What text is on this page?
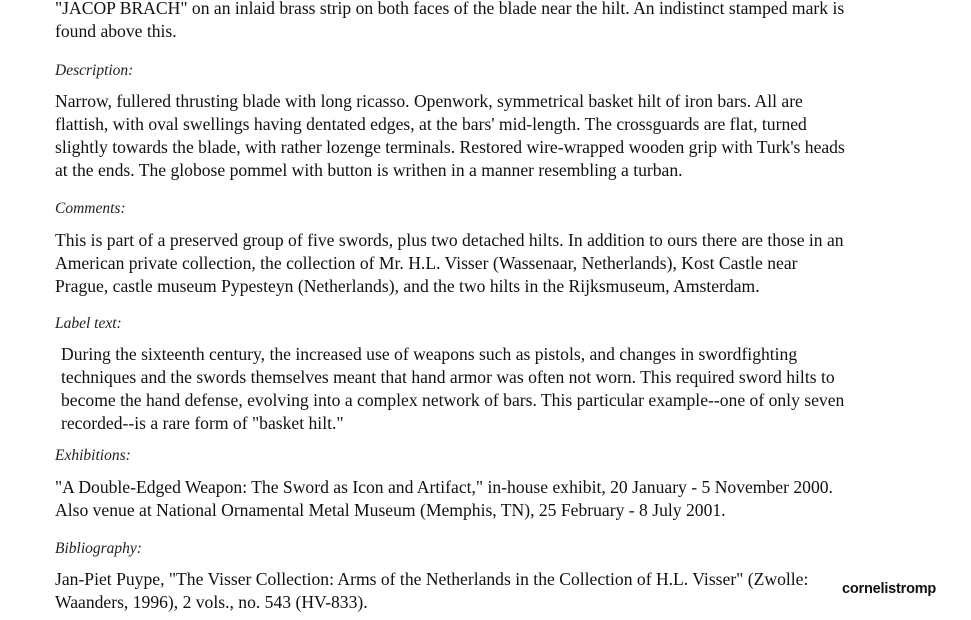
"JACOP BRACH" on an inlaid brass strip on both faces of the blade near the hilt. An indistinct stamped mark is
found above this.

Description:

Narrow, fullered thrusting blade with long ricasso. Openwork, symmetrical basket hilt of iron bars. All are
flattish, with oval swellings having dentated edges, at the bars' mid-length. The crossguards are flat, turned
slightly towards the blade, with rather lozenge terminals. Restored wire-wrapped wooden grip with Turk's heads
at the ends. The globose pommel with button is writhen in a manner resembling a turban.

Comments:

This is part of a preserved group of five swords, plus two detached hilts. In addition to ours there are those in an
American private collection, the collection of Mr. H.L. Visser (Wassenaar, Netherlands), Kost Castle near
Prague, castle museum Pypesteyn (Netherlands), and the two hilts in the Rijksmuseum, Amsterdam.

Label text:

During the sixteenth century, the increased use of weapons such as pistols, and changes in swordfighting
techniques and the swords themselves meant that hand armor was often not worn. This required sword hilts to
become the hand defense, evolving into a complex network of bars. This particular example--one of only seven
recorded--is a rare form of "basket hilt."

Exhibitions:

"A Double-Edged Weapon: The Sword as Icon and Artifact," in-house exhibit, 20 January - 5 November 2000.
Also venue at National Ornamental Metal Museum (Memphis, TN), 25 February - 8 July 2001.

Bibliography:

Jan-Piet Puype, "The Visser Collection: Arms of the Netherlands in the Collection of H.L. Visser" (Zwolle:
Waanders, 1996), 2 vols., no. 543 (HV-833).

cornelistromp
